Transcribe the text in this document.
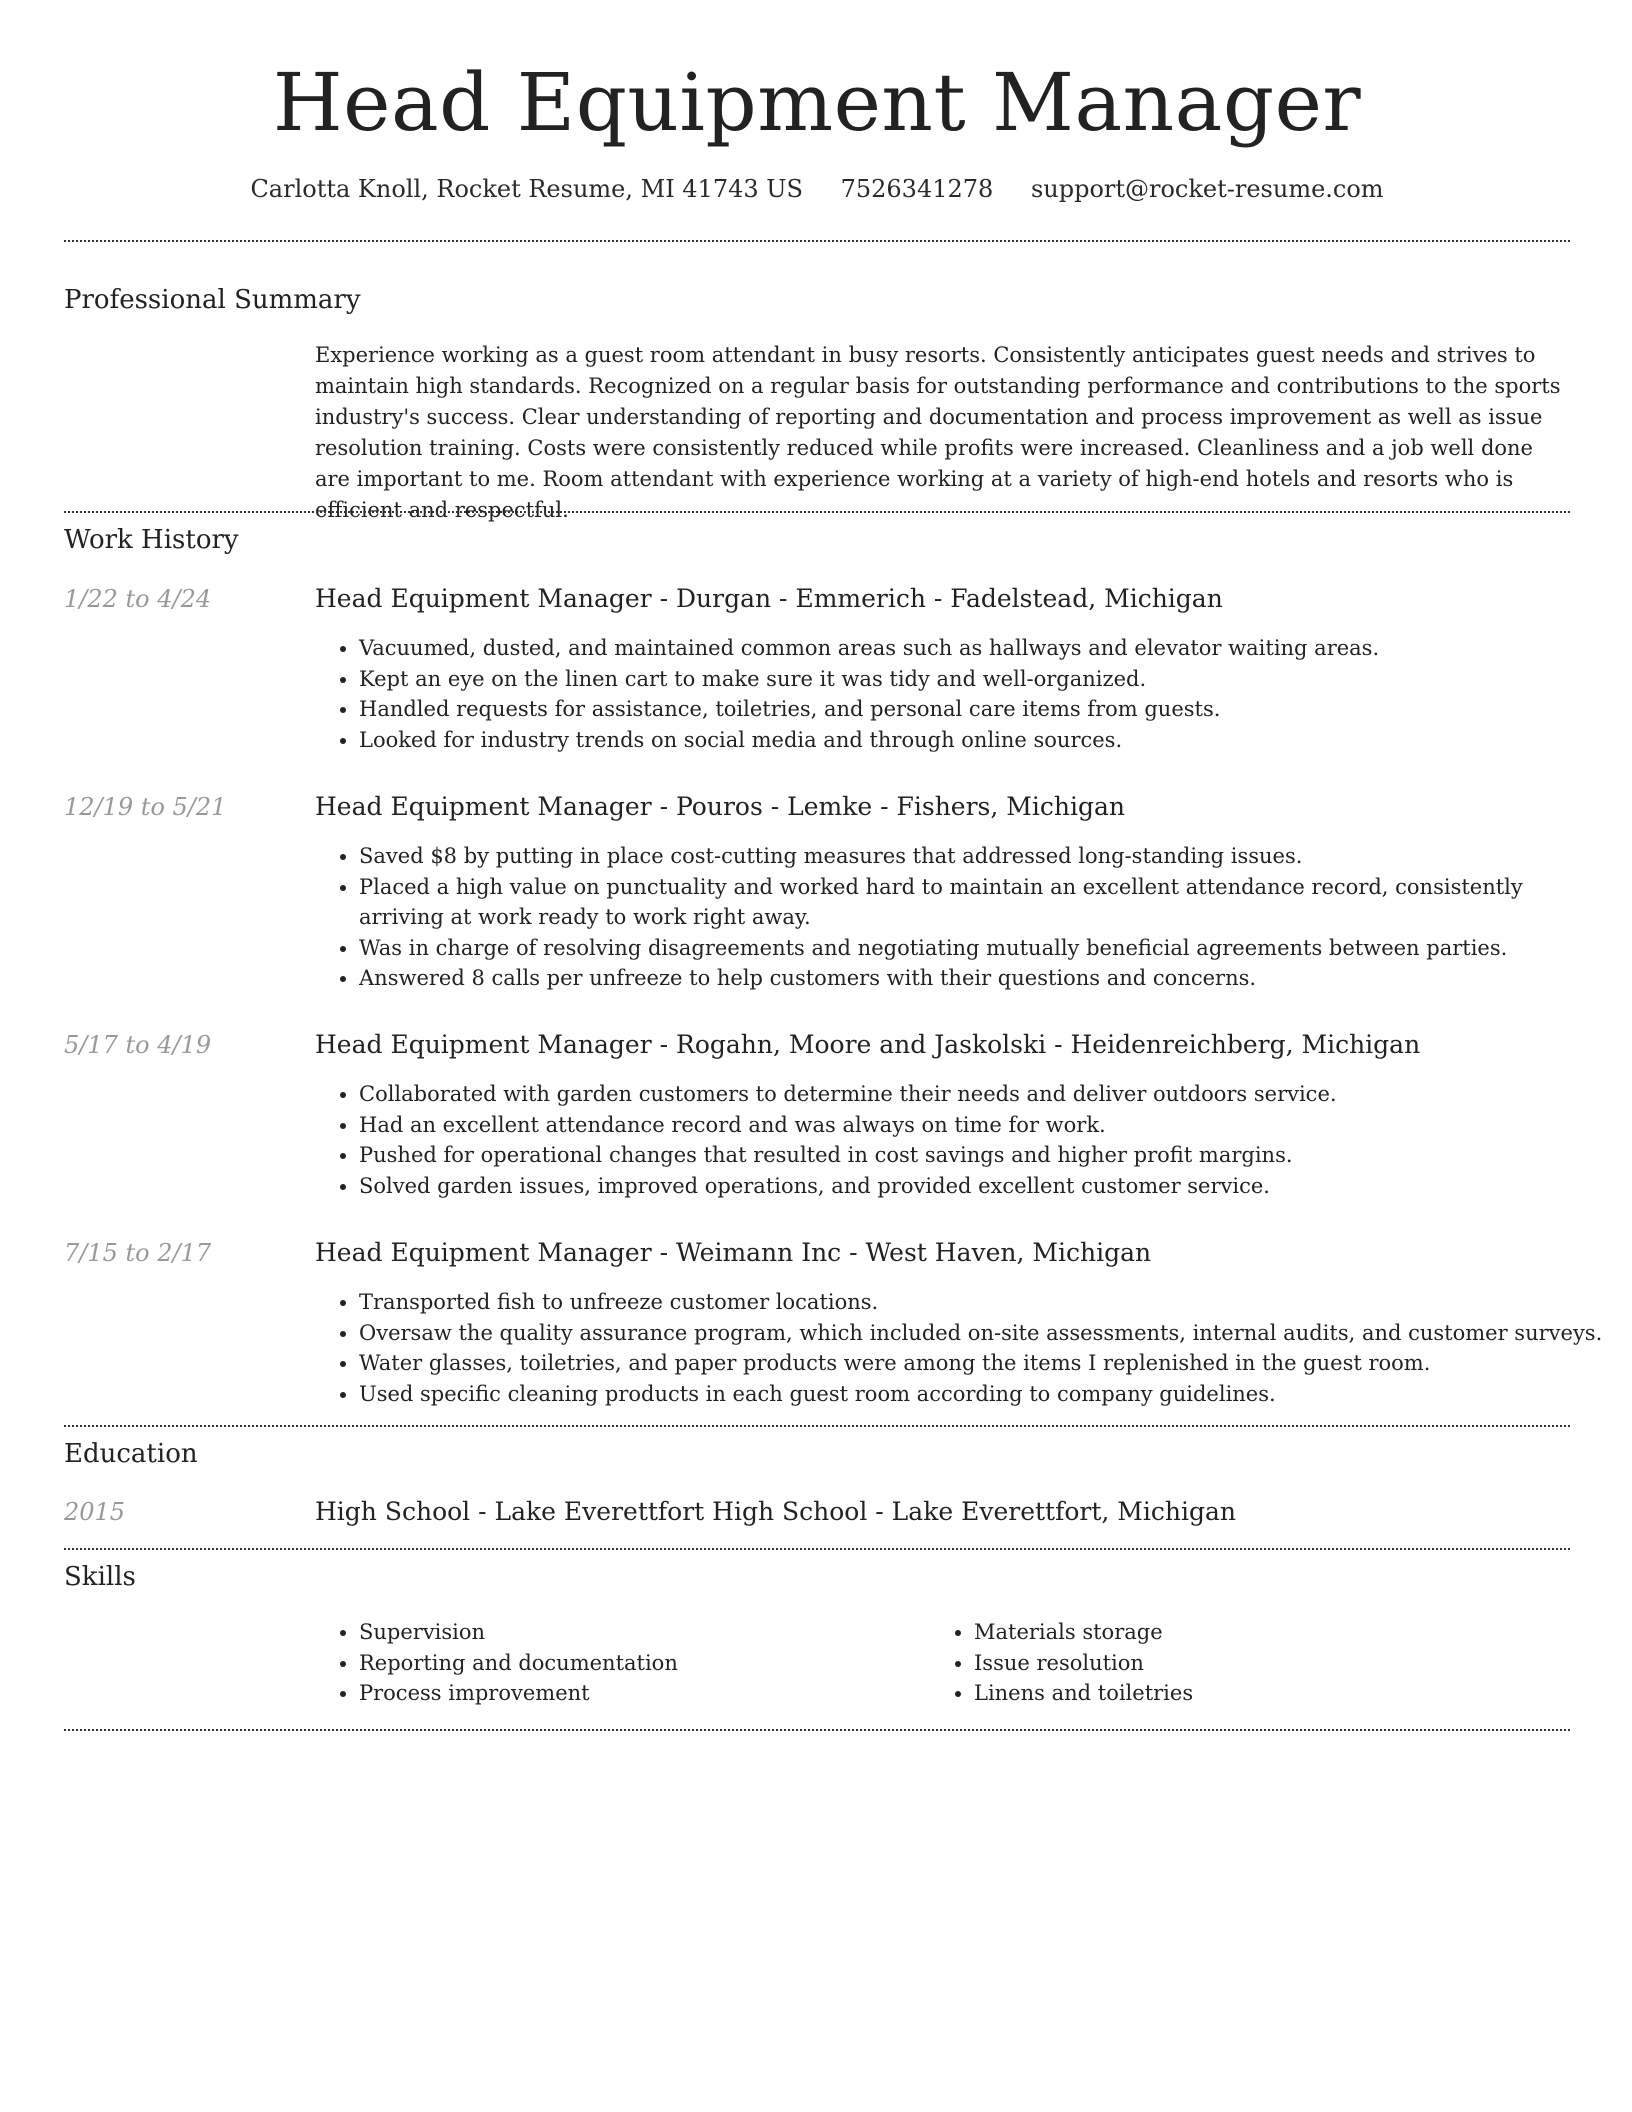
Head Equipment Manager
Carlotta Knoll, Rocket Resume, MI 41743 US 7526341278 support@rocket-resume.com
Professional Summary
Experience working as a guest room attendant in busy resorts. Consistently anticipates guest needs and strives to maintain high standards. Recognized on a regular basis for outstanding performance and contributions to the sports industry's success. Clear understanding of reporting and documentation and process improvement as well as issue resolution training. Costs were consistently reduced while profits were increased. Cleanliness and a job well done are important to me. Room attendant with experience working at a variety of high-end hotels and resorts who is efficient and respectful.
Work History
1/22 to 4/24	Head Equipment Manager - Durgan - Emmerich - Fadelstead, Michigan
• Vacuumed, dusted, and maintained common areas such as hallways and elevator waiting areas.
• Kept an eye on the linen cart to make sure it was tidy and well-organized.
• Handled requests for assistance, toiletries, and personal care items from guests.
• Looked for industry trends on social media and through online sources.
12/19 to 5/21	Head Equipment Manager - Pouros - Lemke - Fishers, Michigan
• Saved $8 by putting in place cost-cutting measures that addressed long-standing issues.
• Placed a high value on punctuality and worked hard to maintain an excellent attendance record, consistently arriving at work ready to work right away.
• Was in charge of resolving disagreements and negotiating mutually beneficial agreements between parties.
• Answered 8 calls per unfreeze to help customers with their questions and concerns.
5/17 to 4/19	Head Equipment Manager - Rogahn, Moore and Jaskolski - Heidenreichberg, Michigan
• Collaborated with garden customers to determine their needs and deliver outdoors service.
• Had an excellent attendance record and was always on time for work.
• Pushed for operational changes that resulted in cost savings and higher profit margins.
• Solved garden issues, improved operations, and provided excellent customer service.
7/15 to 2/17	Head Equipment Manager - Weimann Inc - West Haven, Michigan
• Transported fish to unfreeze customer locations.
• Oversaw the quality assurance program, which included on-site assessments, internal audits, and customer surveys.
• Water glasses, toiletries, and paper products were among the items I replenished in the guest room.
• Used specific cleaning products in each guest room according to company guidelines.
Education
2015	High School - Lake Everettfort High School - Lake Everettfort, Michigan
Skills
• Supervision
• Reporting and documentation
• Process improvement
• Materials storage
• Issue resolution
• Linens and toiletries
